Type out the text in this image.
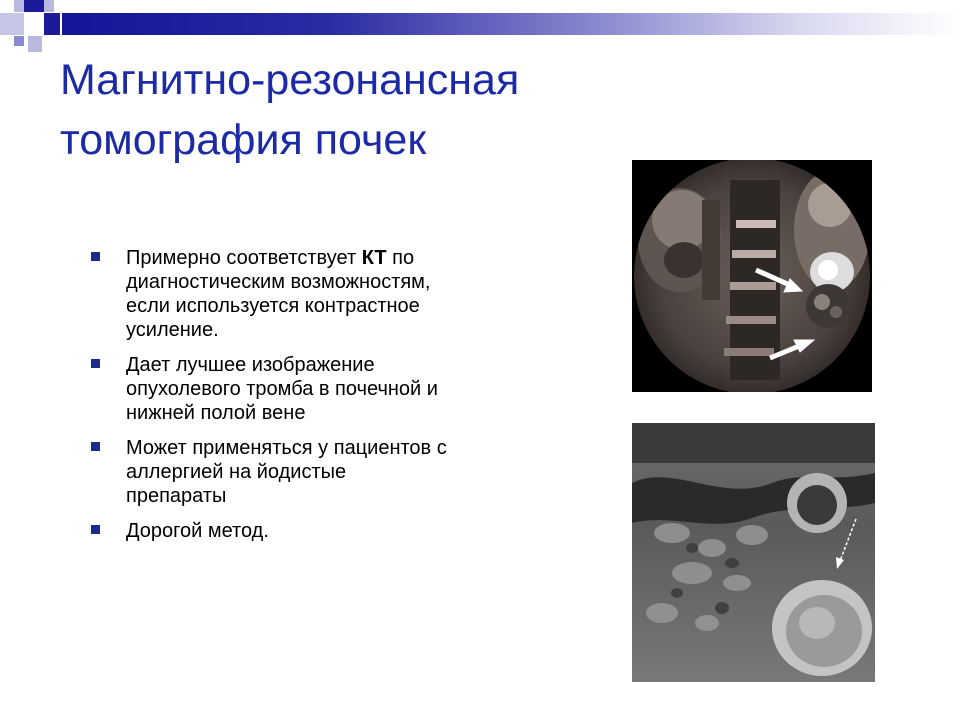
Магнитно-резонансная
томография почек
Примерно соответствует КТ по диагностическим возможностям, если используется контрастное усиление.
Дает лучшее изображение опухолевого тромба в почечной и нижней полой вене
Может применяться у пациентов с аллергией на йодистые препараты
Дорогой метод.
